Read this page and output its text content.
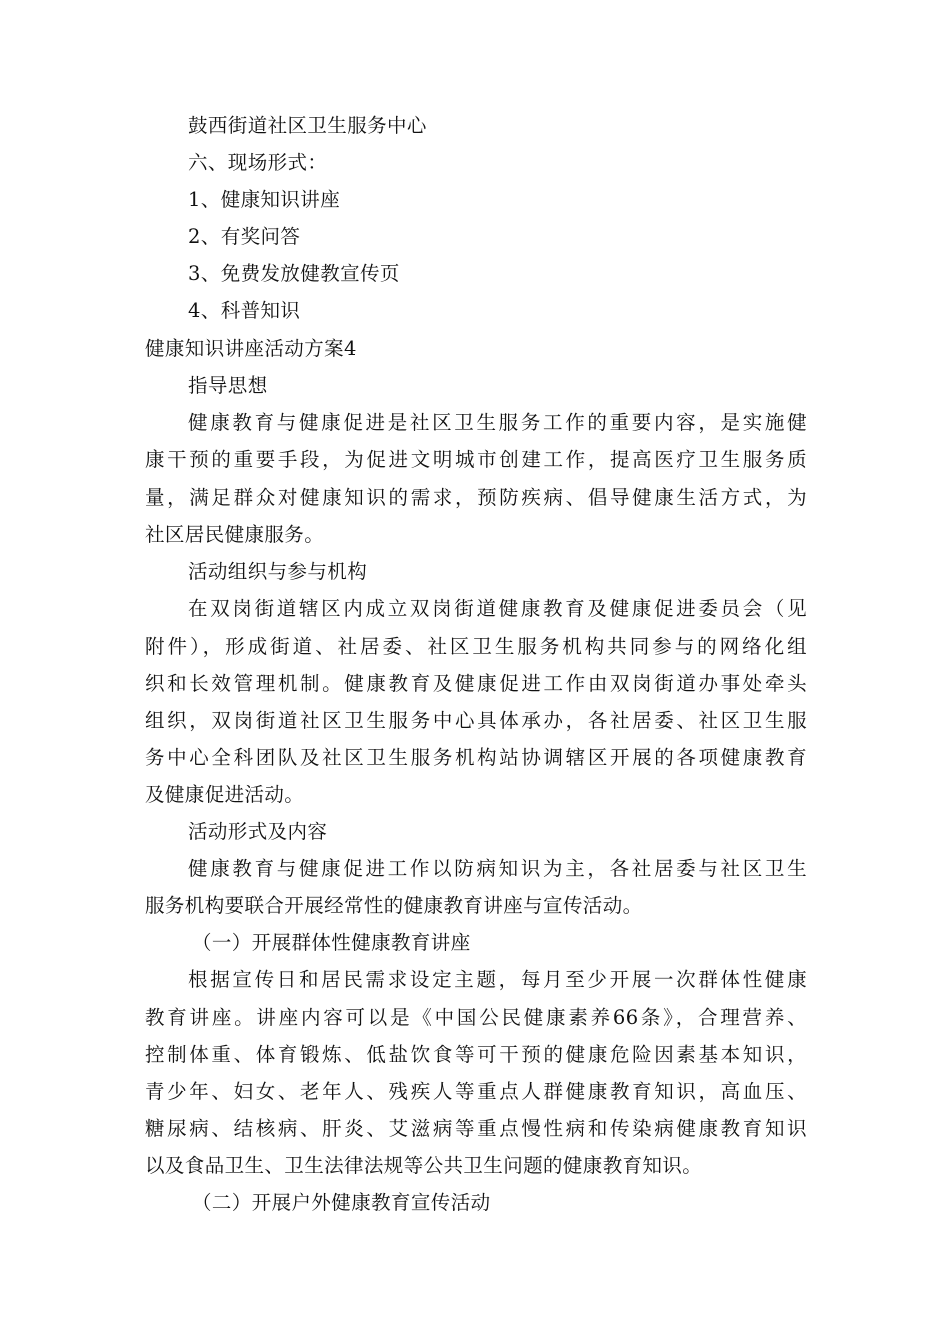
鼓西街道社区卫生服务中心
六、现场形式：
1、健康知识讲座
2、有奖问答
3、免费发放健教宣传页
4、科普知识
健康知识讲座活动方案4
指导思想
健康教育与健康促进是社区卫生服务工作的重要内容，是实施健
康干预的重要手段，为促进文明城市创建工作，提高医疗卫生服务质
量，满足群众对健康知识的需求，预防疾病、倡导健康生活方式，为
社区居民健康服务。
活动组织与参与机构
在双岗街道辖区内成立双岗街道健康教育及健康促进委员会（见
附件），形成街道、社居委、社区卫生服务机构共同参与的网络化组
织和长效管理机制。健康教育及健康促进工作由双岗街道办事处牵头
组织，双岗街道社区卫生服务中心具体承办，各社居委、社区卫生服
务中心全科团队及社区卫生服务机构站协调辖区开展的各项健康教育
及健康促进活动。
活动形式及内容
健康教育与健康促进工作以防病知识为主，各社居委与社区卫生
服务机构要联合开展经常性的健康教育讲座与宣传活动。
（一）开展群体性健康教育讲座
根据宣传日和居民需求设定主题，每月至少开展一次群体性健康
教育讲座。讲座内容可以是《中国公民健康素养66条》，合理营养、
控制体重、体育锻炼、低盐饮食等可干预的健康危险因素基本知识，
青少年、妇女、老年人、残疾人等重点人群健康教育知识，高血压、
糖尿病、结核病、肝炎、艾滋病等重点慢性病和传染病健康教育知识
以及食品卫生、卫生法律法规等公共卫生问题的健康教育知识。
（二）开展户外健康教育宣传活动
